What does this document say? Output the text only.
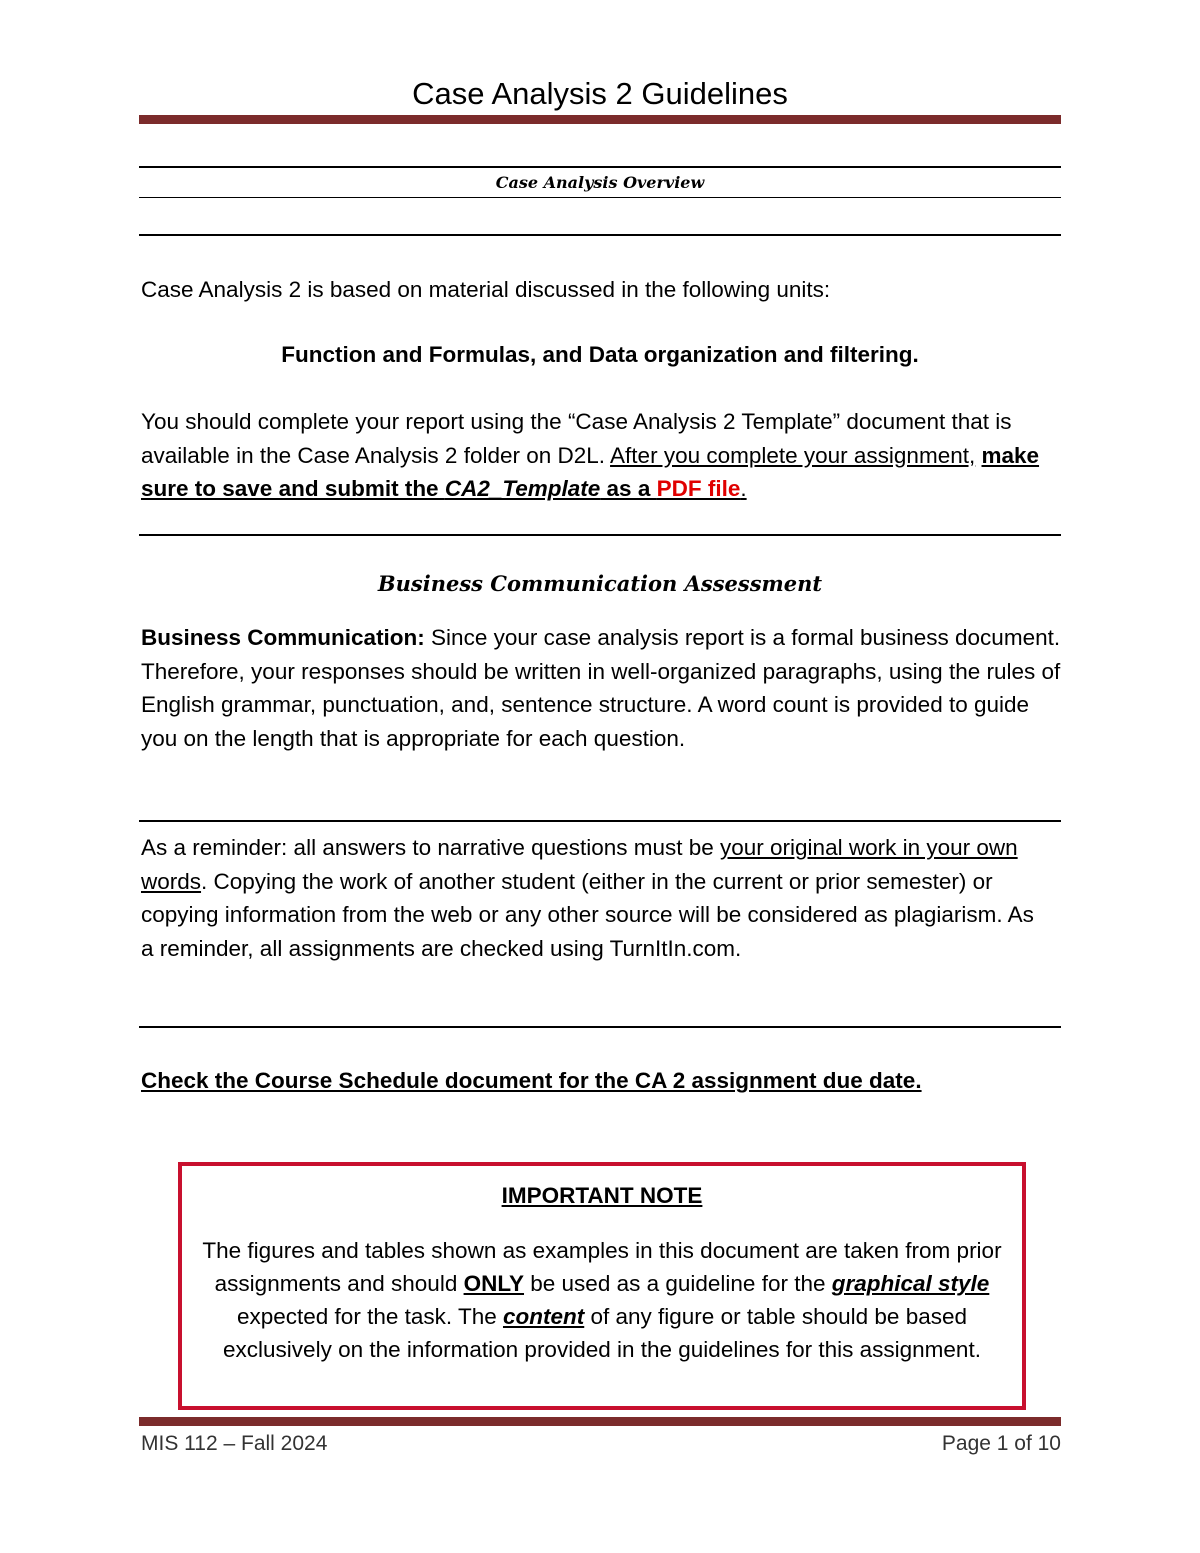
Case Analysis 2 Guidelines
Case Analysis Overview
Case Analysis 2 is based on material discussed in the following units:
Function and Formulas, and Data organization and filtering.
You should complete your report using the “Case Analysis 2 Template” document that is available in the Case Analysis 2 folder on D2L. After you complete your assignment, make sure to save and submit the CA2_Template as a PDF file.
Business Communication Assessment
Business Communication: Since your case analysis report is a formal business document. Therefore, your responses should be written in well-organized paragraphs, using the rules of English grammar, punctuation, and, sentence structure. A word count is provided to guide you on the length that is appropriate for each question.
As a reminder: all answers to narrative questions must be your original work in your own words. Copying the work of another student (either in the current or prior semester) or copying information from the web or any other source will be considered as plagiarism. As a reminder, all assignments are checked using TurnItIn.com.
Check the Course Schedule document for the CA 2 assignment due date.
IMPORTANT NOTE
The figures and tables shown as examples in this document are taken from prior assignments and should ONLY be used as a guideline for the graphical style expected for the task. The content of any figure or table should be based exclusively on the information provided in the guidelines for this assignment.
MIS 112 – Fall 2024	Page 1 of 10
